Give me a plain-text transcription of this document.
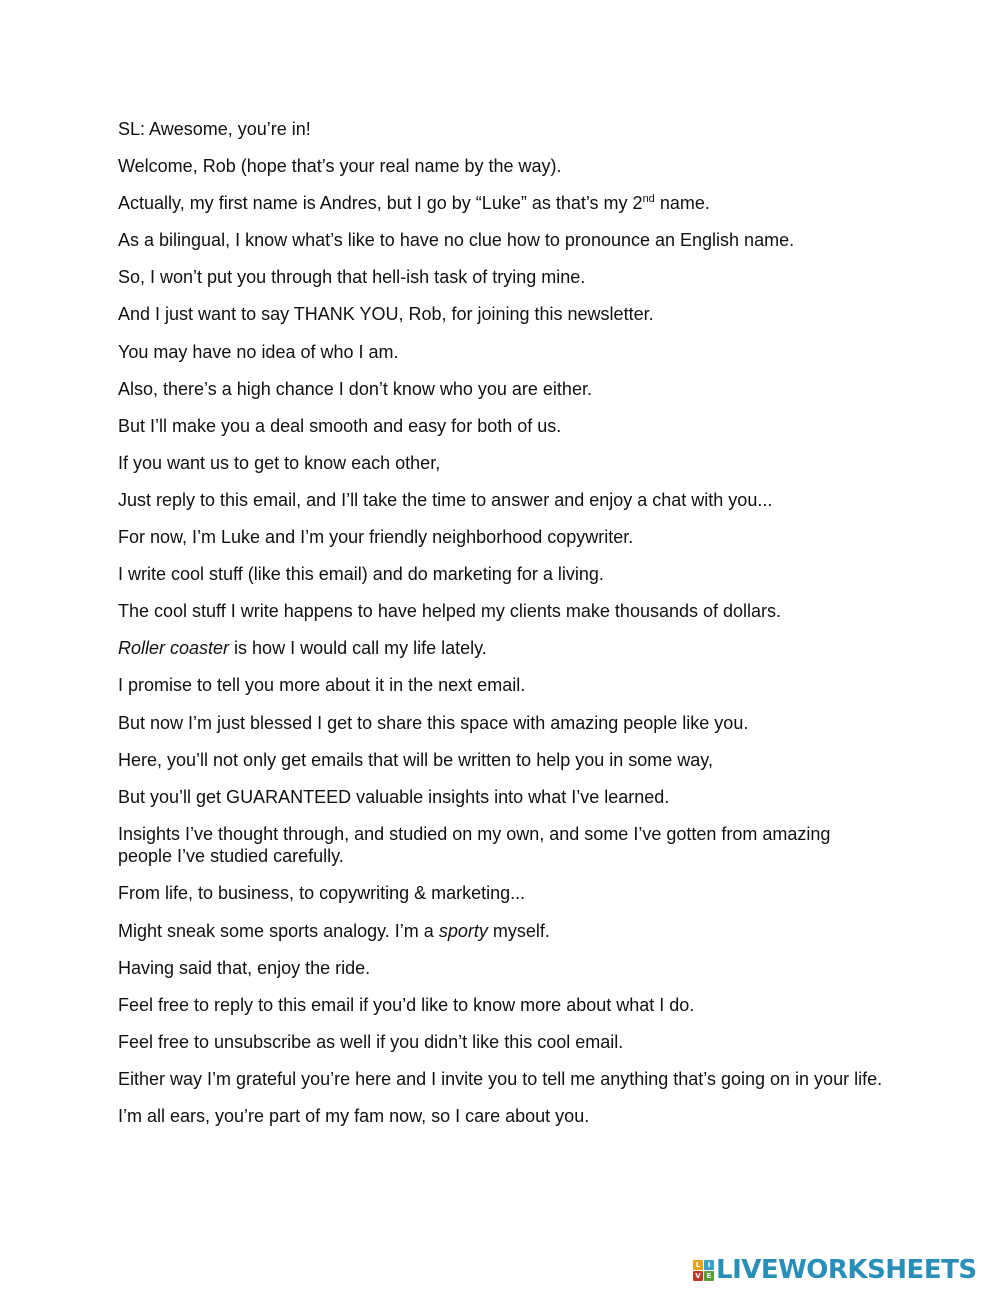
SL: Awesome, you’re in!

Welcome, Rob (hope that’s your real name by the way).

Actually, my first name is Andres, but I go by “Luke” as that’s my 2nd name.

As a bilingual, I know what’s like to have no clue how to pronounce an English name.

So, I won’t put you through that hell-ish task of trying mine.

And I just want to say THANK YOU, Rob, for joining this newsletter.

You may have no idea of who I am.

Also, there’s a high chance I don’t know who you are either.

But I’ll make you a deal smooth and easy for both of us.

If you want us to get to know each other,

Just reply to this email, and I’ll take the time to answer and enjoy a chat with you...

For now, I’m Luke and I’m your friendly neighborhood copywriter.

I write cool stuff (like this email) and do marketing for a living.

The cool stuff I write happens to have helped my clients make thousands of dollars.

Roller coaster is how I would call my life lately.

I promise to tell you more about it in the next email.

But now I’m just blessed I get to share this space with amazing people like you.

Here, you’ll not only get emails that will be written to help you in some way,

But you’ll get GUARANTEED valuable insights into what I’ve learned.

Insights I’ve thought through, and studied on my own, and some I’ve gotten from amazing people I’ve studied carefully.

From life, to business, to copywriting & marketing...

Might sneak some sports analogy. I’m a sporty myself.

Having said that, enjoy the ride.

Feel free to reply to this email if you’d like to know more about what I do.

Feel free to unsubscribe as well if you didn’t like this cool email.

Either way I’m grateful you’re here and I invite you to tell me anything that’s going on in your life.

I’m all ears, you’re part of my fam now, so I care about you.

L	I
V E LIVEWORKSHEETS
